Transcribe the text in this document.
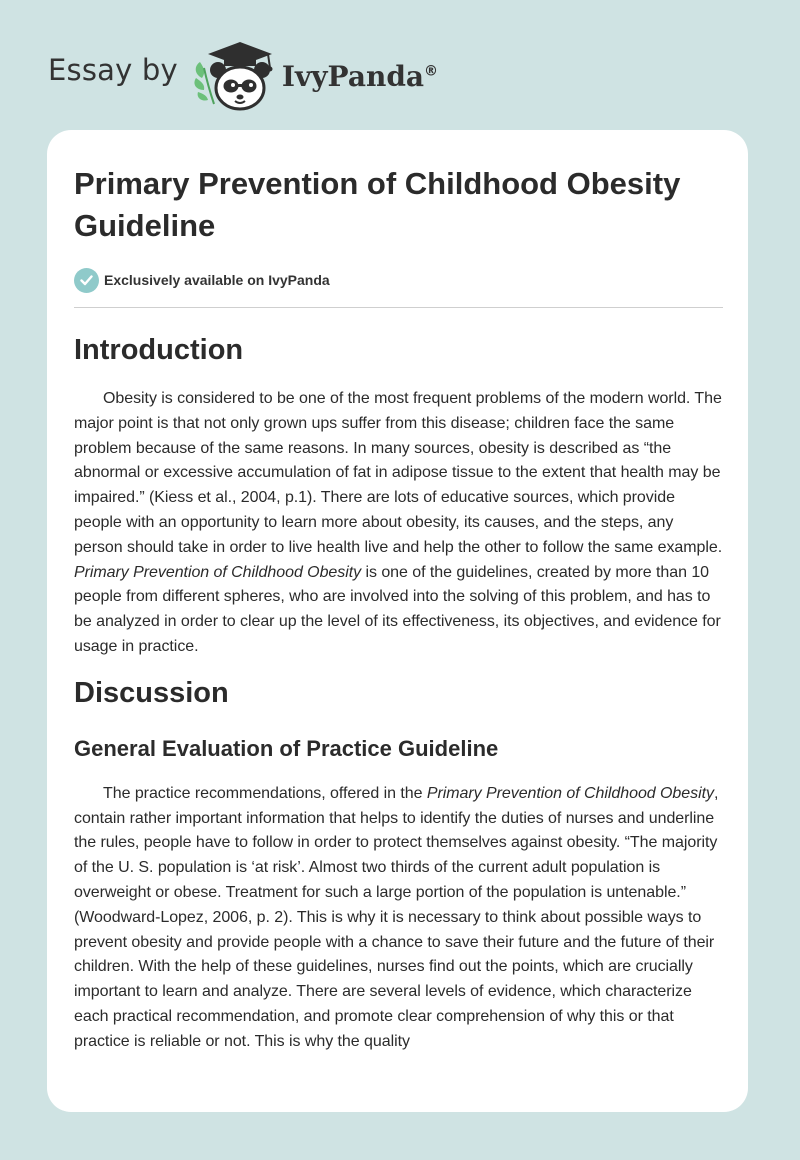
Essay by	IvyPanda®
Primary Prevention of Childhood Obesity Guideline
Exclusively available on IvyPanda
Introduction

Obesity is considered to be one of the most frequent problems of the modern world. The major point is that not only grown ups suffer from this disease; children face the same problem because of the same reasons. In many sources, obesity is described as “the abnormal or excessive accumulation of fat in adipose tissue to the extent that health may be impaired.” (Kiess et al., 2004, p.1). There are lots of educative sources, which provide people with an opportunity to learn more about obesity, its causes, and the steps, any person should take in order to live health live and help the other to follow the same example. Primary Prevention of Childhood Obesity is one of the guidelines, created by more than 10 people from different spheres, who are involved into the solving of this problem, and has to be analyzed in order to clear up the level of its effectiveness, its objectives, and evidence for usage in practice.

Discussion
General Evaluation of Practice Guideline

The practice recommendations, offered in the Primary Prevention of Childhood Obesity, contain rather important information that helps to identify the duties of nurses and underline the rules, people have to follow in order to protect themselves against obesity. “The majority of the U. S. population is ‘at risk’. Almost two thirds of the current adult population is overweight or obese. Treatment for such a large portion of the population is untenable.” (Woodward-Lopez, 2006, p. 2). This is why it is necessary to think about possible ways to prevent obesity and provide people with a chance to save their future and the future of their children. With the help of these guidelines, nurses find out the points, which are crucially important to learn and analyze. There are several levels of evidence, which characterize each practical recommendation, and promote clear comprehension of why this or that practice is reliable or not. This is why the quality
